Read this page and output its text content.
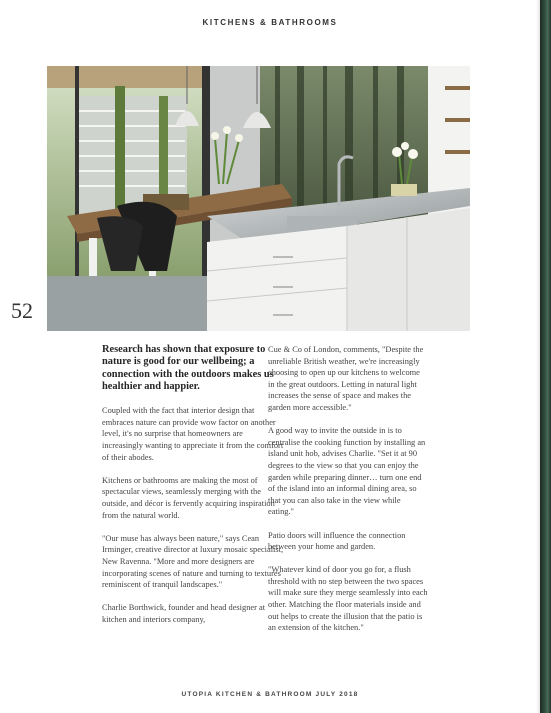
KITCHENS & BATHROOMS
52

Research has shown that exposure to nature is good for our wellbeing; a connection with the outdoors makes us healthier and happier.

Coupled with the fact that interior design that embraces nature can provide wow factor on another level, it's no surprise that homeowners are increasingly wanting to appreciate it from the comfort of their abodes.

Kitchens or bathrooms are making the most of spectacular views, seamlessly merging with the outside, and décor is fervently acquiring inspiration from the natural world.

"Our muse has always been nature," says Cean Irminger, creative director at luxury mosaic specialist, New Ravenna. "More and more designers are incorporating scenes of nature and turning to textures reminiscent of tranquil landscapes."

Charlie Borthwick, founder and head designer at kitchen and interiors company,

Cue & Co of London, comments, "Despite the unreliable British weather, we're increasingly choosing to open up our kitchens to welcome in the great outdoors. Letting in natural light increases the sense of space and makes the garden more accessible."

A good way to invite the outside in is to centralise the cooking function by installing an island unit hob, advises Charlie. "Set it at 90 degrees to the view so that you can enjoy the garden while preparing dinner… turn one end of the island into an informal dining area, so that you can also take in the view while eating."

Patio doors will influence the connection between your home and garden.

"Whatever kind of door you go for, a flush threshold with no step between the two spaces will make sure they merge seamlessly into each other. Matching the floor materials inside and out helps to create the illusion that the patio is an extension of the kitchen."

UTOPIA KITCHEN & BATHROOM JULY 2018
